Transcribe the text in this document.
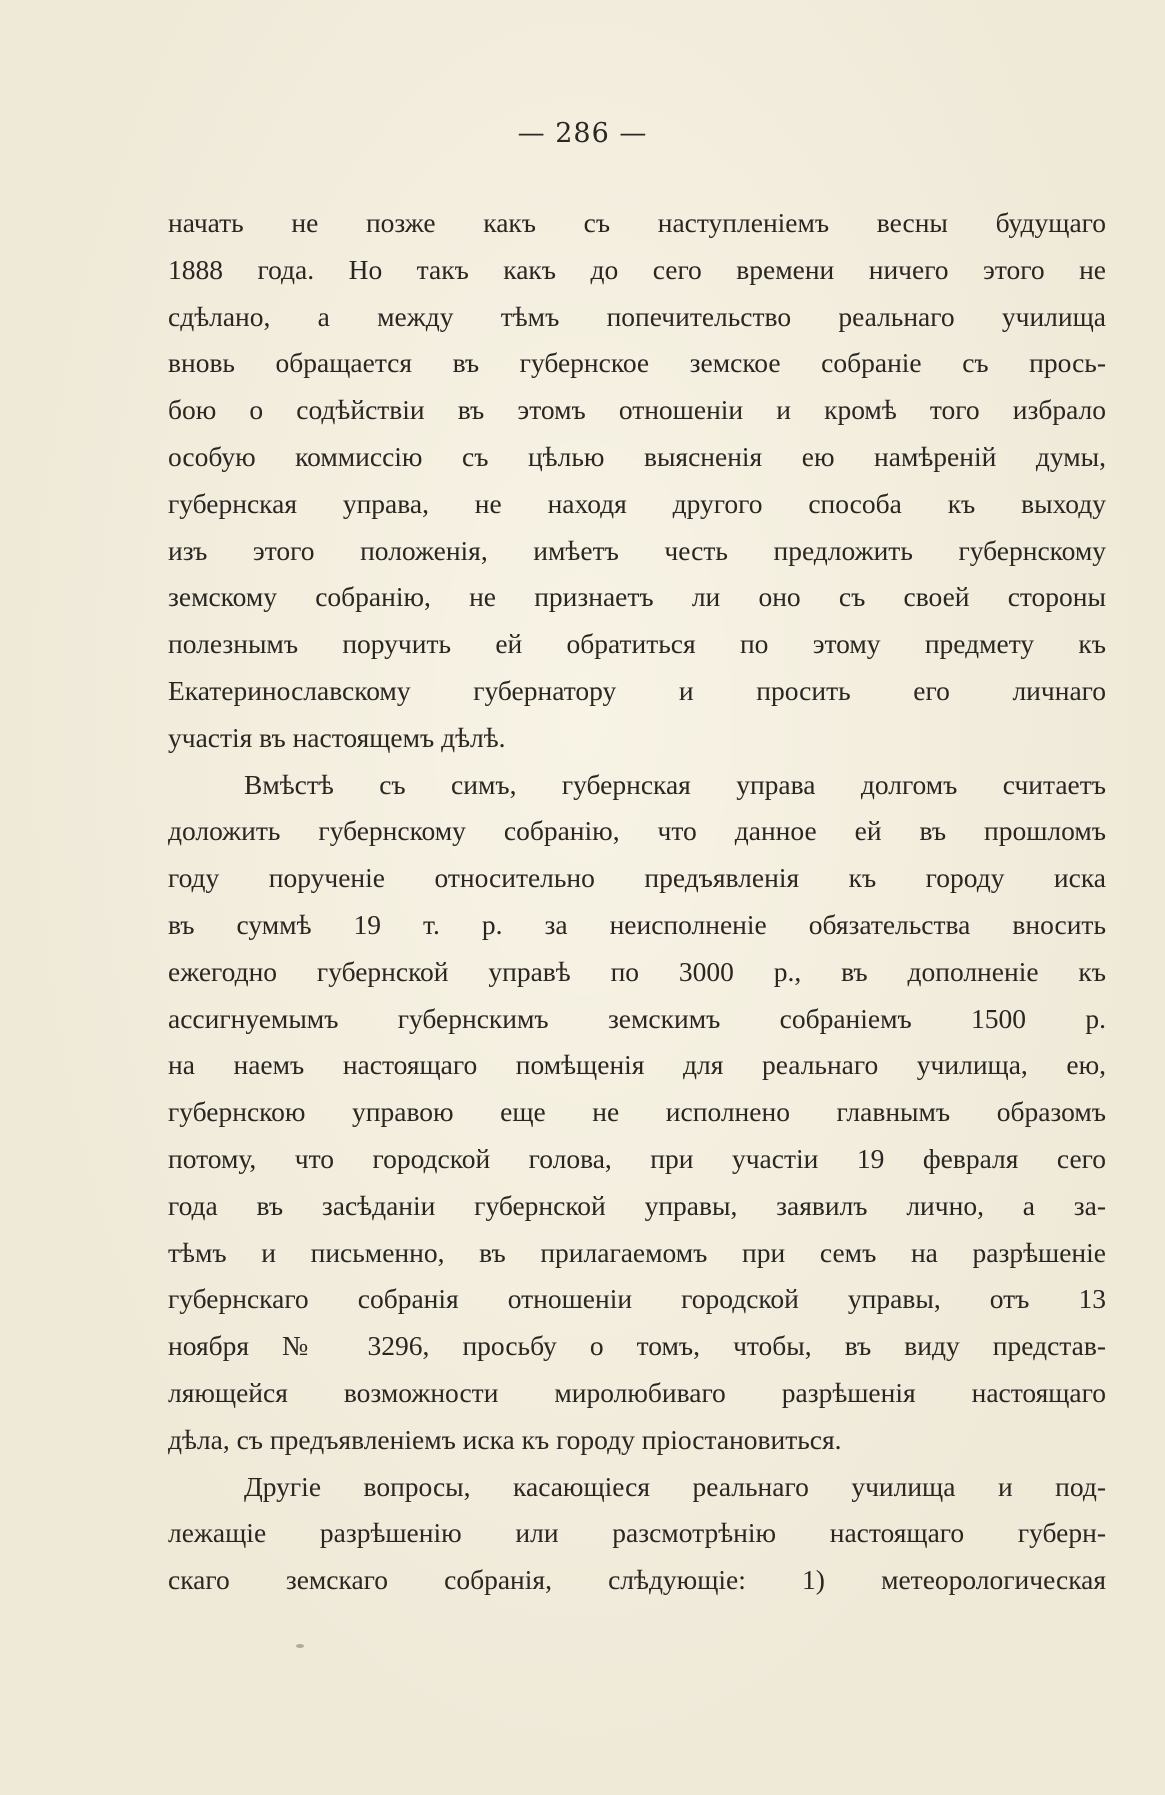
— 286 —
начать не позже какъ съ наступленіемъ весны будущаго
1888 года. Но такъ какъ до сего времени ничего этого не
сдѣлано, а между тѣмъ попечительство реальнаго училища
вновь обращается въ губернское земское собраніе съ прось-
бою о содѣйствіи въ этомъ отношеніи и кромѣ того избрало
особую коммиссію съ цѣлью выясненія ею намѣреній думы,
губернская управа, не находя другого способа къ выходу
изъ этого положенія, имѣетъ честь предложить губернскому
земскому собранію, не признаетъ ли оно съ своей стороны
полезнымъ поручить ей обратиться по этому предмету къ
Екатеринославскому губернатору и просить его личнаго
участія въ настоящемъ дѣлѣ.
Вмѣстѣ съ симъ, губернская управа долгомъ считаетъ
доложить губернскому собранію, что данное ей въ прошломъ
году порученіе относительно предъявленія къ городу иска
въ суммѣ 19 т. р. за неисполненіе обязательства вносить
ежегодно губернской управѣ по 3000 р., въ дополненіе къ
ассигнуемымъ губернскимъ земскимъ собраніемъ 1500 р.
на наемъ настоящаго помѣщенія для реальнаго училища, ею,
губернскою управою еще не исполнено главнымъ образомъ
потому, что городской голова, при участіи 19 февраля сего
года въ засѣданіи губернской управы, заявилъ лично, а за-
тѣмъ и письменно, въ прилагаемомъ при семъ на разрѣшеніе
губернскаго собранія отношеніи городской управы, отъ 13
ноября № 3296, просьбу о томъ, чтобы, въ виду представ-
ляющейся возможности миролюбиваго разрѣшенія настоящаго
дѣла, съ предъявленіемъ иска къ городу пріостановиться.
Другіе вопросы, касающіеся реальнаго училища и под-
лежащіе разрѣшенію или разсмотрѣнію настоящаго губерн-
скаго земскаго собранія, слѣдующіе: 1) метеорологическая
